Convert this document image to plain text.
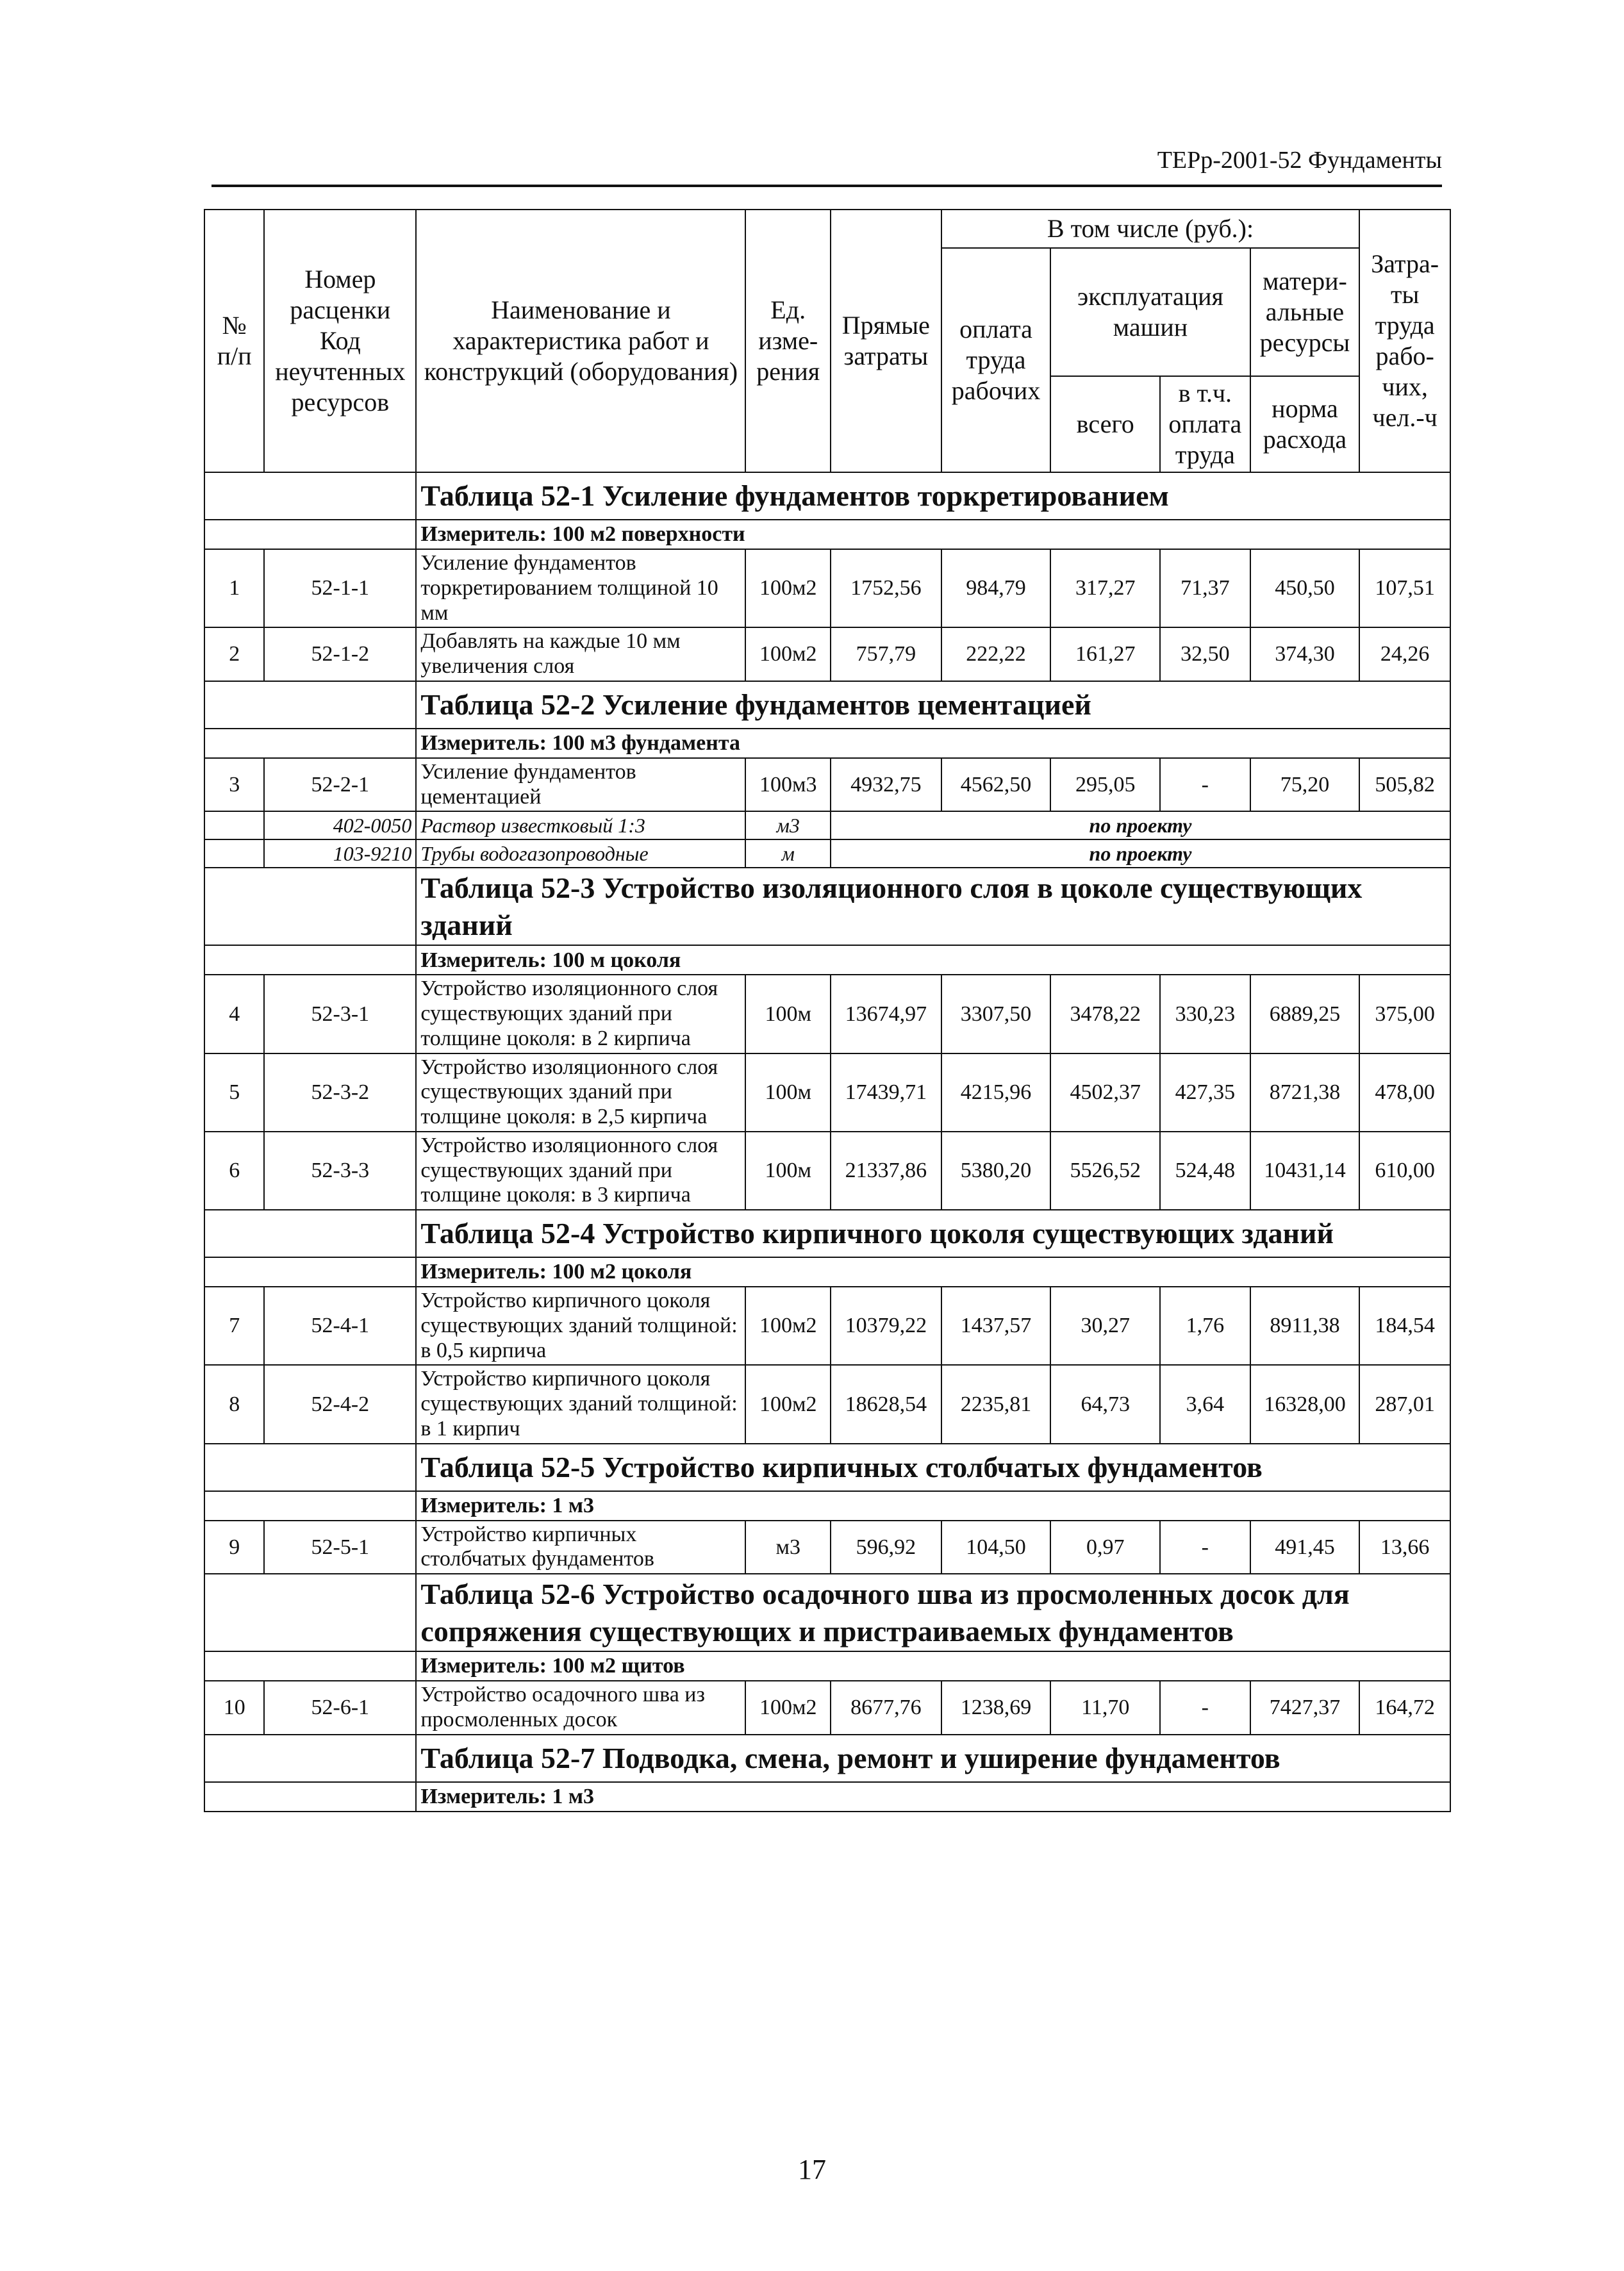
ТЕРр-2001-52 Фундаменты
№ п/п	Номер расценки Код неучтенных ресурсов	Наименование и характеристика работ и конструкций (оборудования)	Ед. изме-рения	Прямые затраты	В том числе (руб.):				Затра-ты труда рабо-чих, чел.-ч
					оплата труда рабочих	эксплуатация машин		матери-альные ресурсы	
						всего	в т.ч. оплата труда	норма расхода	

		Таблица 52-1 Усиление фундаментов торкретированием							
		Измеритель: 100 м2 поверхности							
1	52-1-1	Усиление фундаментов торкретированием толщиной 10 мм	100м2	1752,56	984,79	317,27	71,37	450,50	107,51
2	52-1-2	Добавлять на каждые 10 мм увеличения слоя	100м2	757,79	222,22	161,27	32,50	374,30	24,26
		Таблица 52-2 Усиление фундаментов цементацией							
		Измеритель: 100 м3 фундамента							
3	52-2-1	Усиление фундаментов цементацией	100м3	4932,75	4562,50	295,05	-	75,20	505,82
	402-0050	Раствор известковый 1:3	м3	по проекту					
	103-9210	Трубы водогазопроводные	м	по проекту					
		Таблица 52-3 Устройство изоляционного слоя в цоколе существующих зданий							
		Измеритель: 100 м цоколя							
4	52-3-1	Устройство изоляционного слоя существующих зданий при толщине цоколя: в 2 кирпича	100м	13674,97	3307,50	3478,22	330,23	6889,25	375,00
5	52-3-2	Устройство изоляционного слоя существующих зданий при толщине цоколя: в 2,5 кирпича	100м	17439,71	4215,96	4502,37	427,35	8721,38	478,00
6	52-3-3	Устройство изоляционного слоя существующих зданий при толщине цоколя: в 3 кирпича	100м	21337,86	5380,20	5526,52	524,48	10431,14	610,00
		Таблица 52-4 Устройство кирпичного цоколя существующих зданий							
		Измеритель: 100 м2 цоколя							
7	52-4-1	Устройство кирпичного цоколя существующих зданий толщиной: в 0,5 кирпича	100м2	10379,22	1437,57	30,27	1,76	8911,38	184,54
8	52-4-2	Устройство кирпичного цоколя существующих зданий толщиной: в 1 кирпич	100м2	18628,54	2235,81	64,73	3,64	16328,00	287,01
		Таблица 52-5 Устройство кирпичных столбчатых фундаментов							
		Измеритель: 1 м3							
9	52-5-1	Устройство кирпичных столбчатых фундаментов	м3	596,92	104,50	0,97	-	491,45	13,66
		Таблица 52-6 Устройство осадочного шва из просмоленных досок для сопряжения существующих и пристраиваемых фундаментов							
		Измеритель: 100 м2 щитов							
10	52-6-1	Устройство осадочного шва из просмоленных досок	100м2	8677,76	1238,69	11,70	-	7427,37	164,72
		Таблица 52-7 Подводка, смена, ремонт и уширение фундаментов							
		Измеритель: 1 м3							
17
